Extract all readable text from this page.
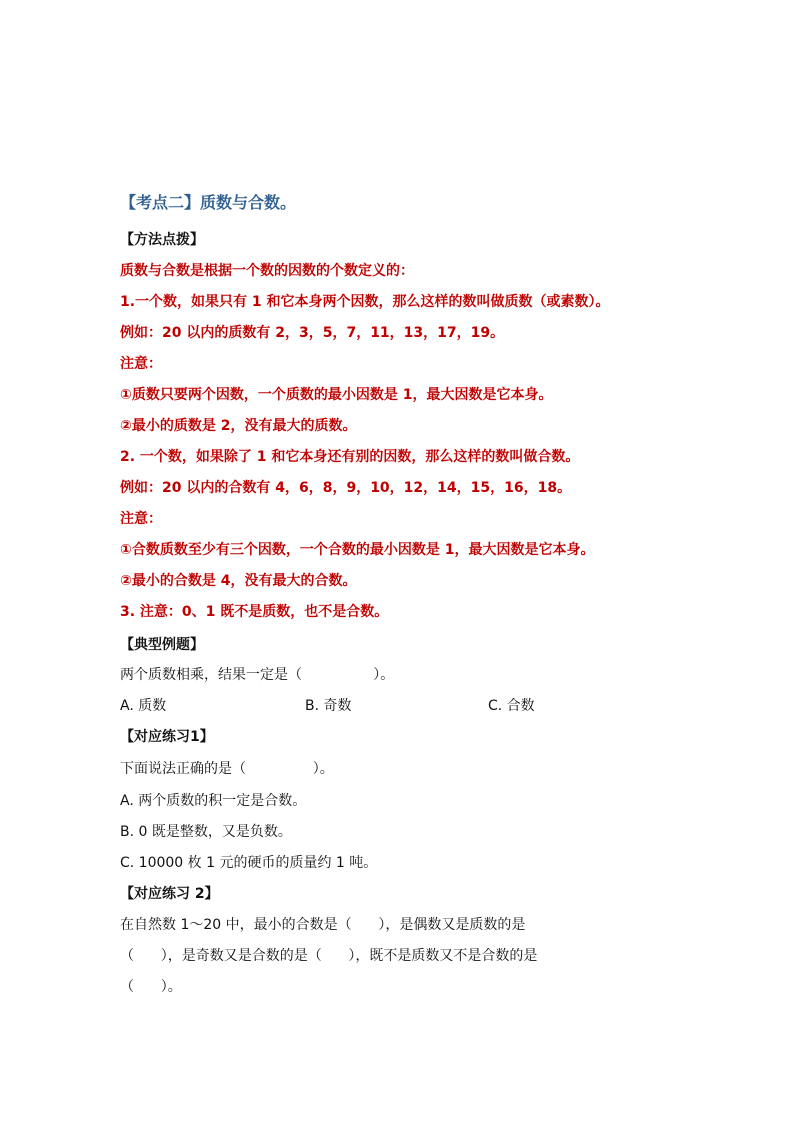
【考点二】质数与合数。
【方法点拨】
质数与合数是根据一个数的因数的个数定义的：
1.一个数，如果只有 1 和它本身两个因数，那么这样的数叫做质数（或素数）。
例如：20 以内的质数有 2，3，5，7，11，13，17，19。
注意：
①质数只要两个因数，一个质数的最小因数是 1，最大因数是它本身。
②最小的质数是 2，没有最大的质数。
2. 一个数，如果除了 1 和它本身还有别的因数，那么这样的数叫做合数。
例如：20 以内的合数有 4，6，8，9，10，12，14，15，16，18。
注意：
①合数质数至少有三个因数，一个合数的最小因数是 1，最大因数是它本身。
②最小的合数是 4，没有最大的合数。
3. 注意：0、1 既不是质数，也不是合数。
【典型例题】
两个质数相乘，结果一定是（                ）。
A. 质数	B. 奇数	C. 合数
【对应练习1】
下面说法正确的是（               ）。
A. 两个质数的积一定是合数。
B. 0 既是整数，又是负数。
C. 10000 枚 1 元的硬币的质量约 1 吨。
【对应练习 2】
在自然数 1～20 中，最小的合数是（      ），是偶数又是质数的是
（      ），是奇数又是合数的是（      ），既不是质数又不是合数的是
（      ）。
